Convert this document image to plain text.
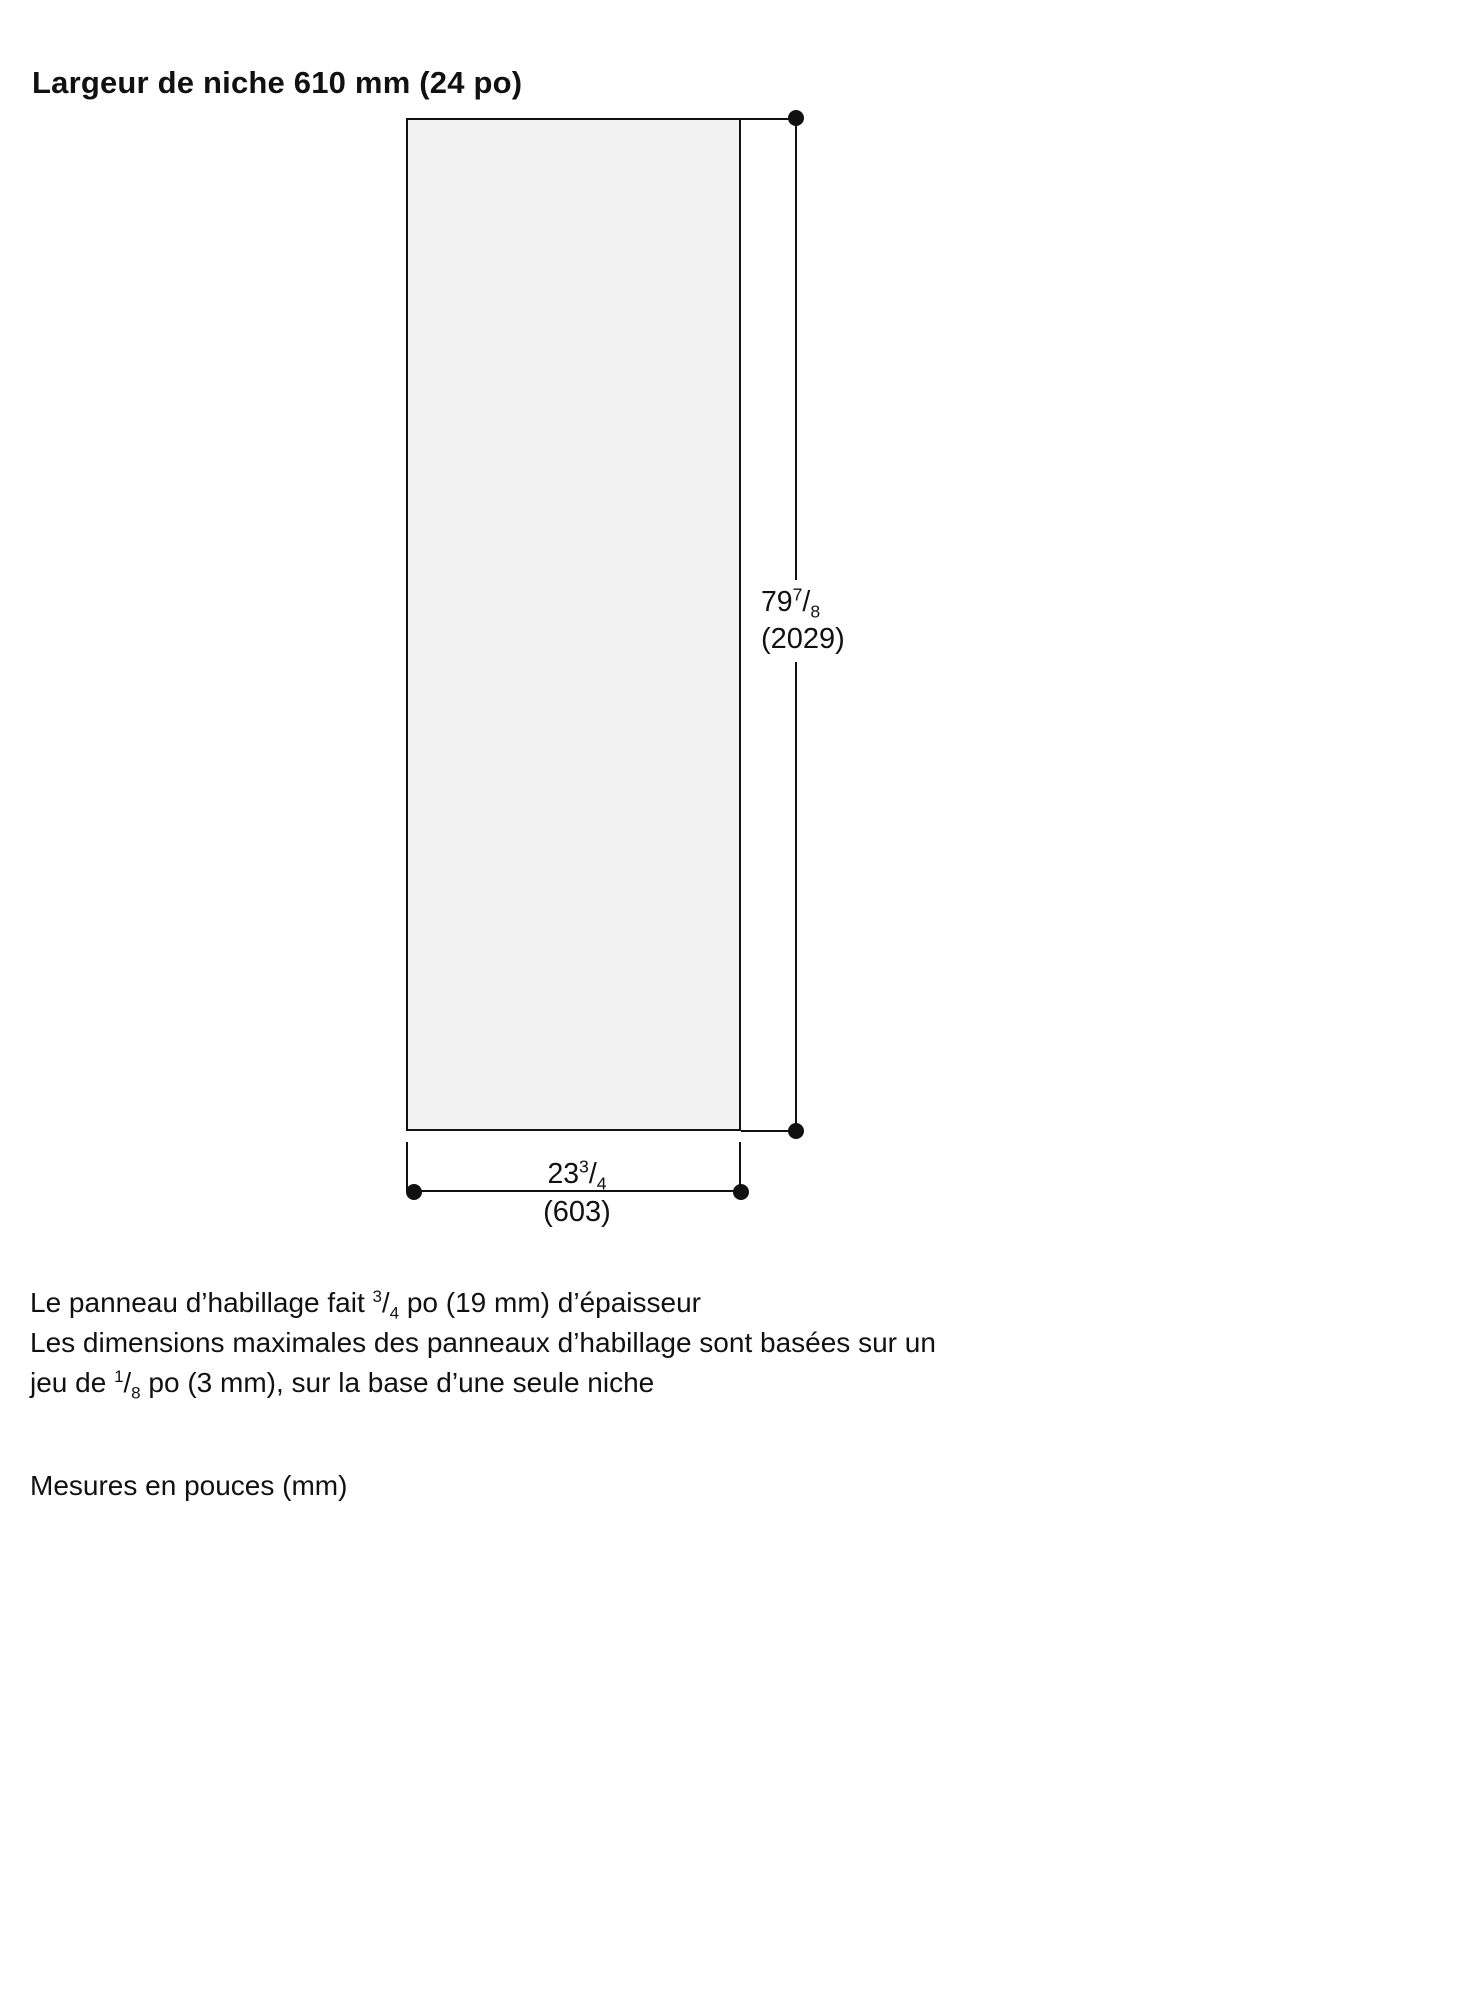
Largeur de niche 610 mm (24 po)
$79^7/_8$
(2029)
$23^3/_4$
(603)
Le panneau d’habillage fait $^3/_4$ po (19 mm) d’épaisseur
Les dimensions maximales des panneaux d’habillage sont basées sur un
jeu de $^1/_8$ po (3 mm), sur la base d’une seule niche
Mesures en pouces (mm)
